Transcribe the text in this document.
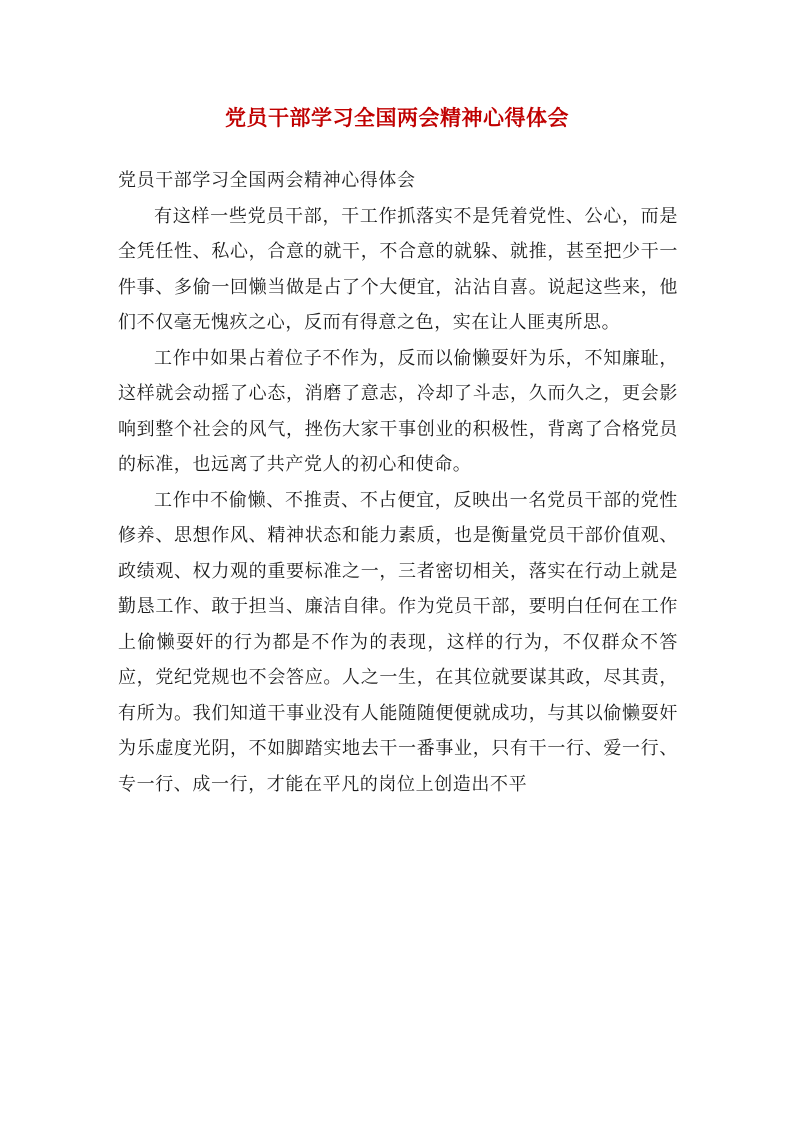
党员干部学习全国两会精神心得体会

党员干部学习全国两会精神心得体会

有这样一些党员干部，干工作抓落实不是凭着党性、公心，而是全凭任性、私心，合意的就干，不合意的就躲、就推，甚至把少干一件事、多偷一回懒当做是占了个大便宜，沾沾自喜。说起这些来，他们不仅毫无愧疚之心，反而有得意之色，实在让人匪夷所思。

工作中如果占着位子不作为，反而以偷懒耍奸为乐，不知廉耻，这样就会动摇了心态，消磨了意志，冷却了斗志，久而久之，更会影响到整个社会的风气，挫伤大家干事创业的积极性，背离了合格党员的标准，也远离了共产党人的初心和使命。

工作中不偷懒、不推责、不占便宜，反映出一名党员干部的党性修养、思想作风、精神状态和能力素质，也是衡量党员干部价值观、政绩观、权力观的重要标准之一，三者密切相关，落实在行动上就是勤恳工作、敢于担当、廉洁自律。作为党员干部，要明白任何在工作上偷懒耍奸的行为都是不作为的表现，这样的行为，不仅群众不答应，党纪党规也不会答应。人之一生，在其位就要谋其政，尽其责，有所为。我们知道干事业没有人能随随便便就成功，与其以偷懒耍奸为乐虚度光阴，不如脚踏实地去干一番事业，只有干一行、爱一行、专一行、成一行，才能在平凡的岗位上创造出不平
